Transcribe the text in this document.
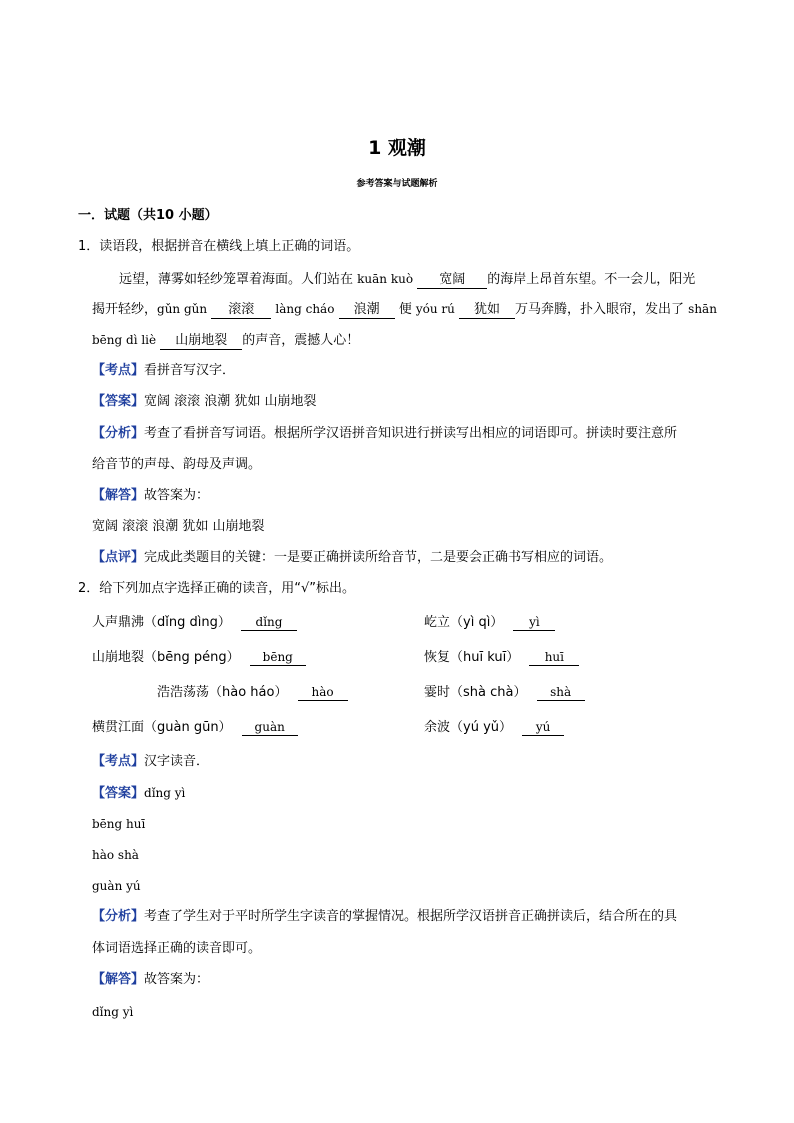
1 观潮
参考答案与试题解析
一．试题（共10 小题）
1．读语段，根据拼音在横线上填上正确的词语。
远望，薄雾如轻纱笼罩着海面。人们站在 kuān kuò 宽阔 的海岸上昂首东望。不一会儿，阳光
揭开轻纱，gǔn gǔn 滚滚 làng cháo 浪潮 便 yóu rú 犹如 万马奔腾，扑入眼帘，发出了 shān
bēng dì liè 山崩地裂 的声音，震撼人心！
【考点】看拼音写汉字．
【答案】宽阔 滚滚 浪潮 犹如 山崩地裂
【分析】考查了看拼音写词语。根据所学汉语拼音知识进行拼读写出相应的词语即可。拼读时要注意所
给音节的声母、韵母及声调。
【解答】故答案为：
宽阔 滚滚 浪潮 犹如 山崩地裂
【点评】完成此类题目的关键：一是要正确拼读所给音节，二是要会正确书写相应的词语。
2．给下列加点字选择正确的读音，用“√”标出。
人声鼎沸（dǐng dìng） dǐng	屹立（yì qì） yì
山崩地裂（bēng péng） bēng	恢复（huī kuī） huī
浩浩荡荡（hào háo） hào	霎时（shà chà） shà
横贯江面（guàn gūn） guàn	余波（yú yǔ） yú
【考点】汉字读音．
【答案】dǐng yì
bēng huī
hào shà
guàn yú
【分析】考查了学生对于平时所学生字读音的掌握情况。根据所学汉语拼音正确拼读后，结合所在的具
体词语选择正确的读音即可。
【解答】故答案为：
dǐng yì
